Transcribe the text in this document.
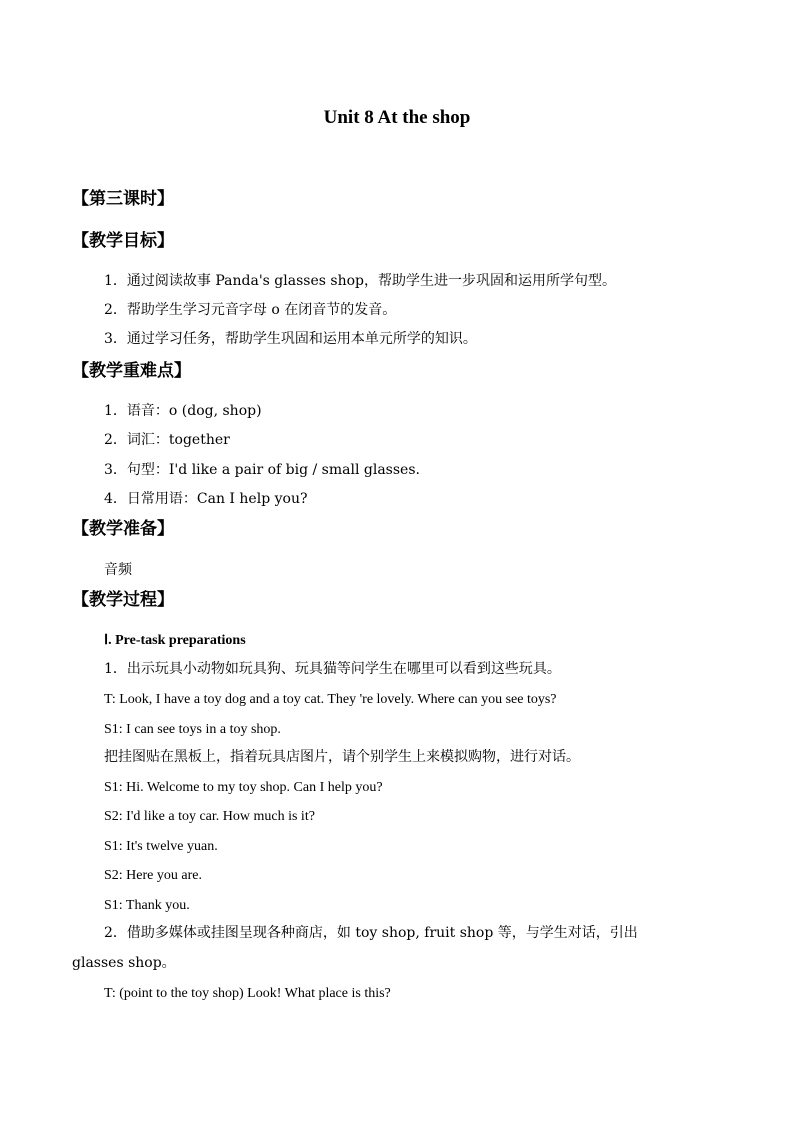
Unit 8 At the shop
【第三课时】
【教学目标】
1．通过阅读故事 Panda's glasses shop，帮助学生进一步巩固和运用所学句型。
2．帮助学生学习元音字母 o 在闭音节的发音。
3．通过学习任务，帮助学生巩固和运用本单元所学的知识。
【教学重难点】
1．语音：o (dog, shop)
2．词汇：together
3．句型：I'd like a pair of big / small glasses.
4．日常用语：Can I help you?
【教学准备】
音频
【教学过程】
Ⅰ. Pre-task preparations
1．出示玩具小动物如玩具狗、玩具猫等问学生在哪里可以看到这些玩具。
T: Look, I have a toy dog and a toy cat. They 're lovely. Where can you see toys?
S1: I can see toys in a toy shop.
把挂图贴在黑板上，指着玩具店图片，请个别学生上来模拟购物，进行对话。
S1: Hi. Welcome to my toy shop. Can I help you?
S2: I'd like a toy car. How much is it?
S1: It's twelve yuan.
S2: Here you are.
S1: Thank you.
2．借助多媒体或挂图呈现各种商店，如 toy shop, fruit shop 等，与学生对话，引出
glasses shop。
T: (point to the toy shop) Look! What place is this?
